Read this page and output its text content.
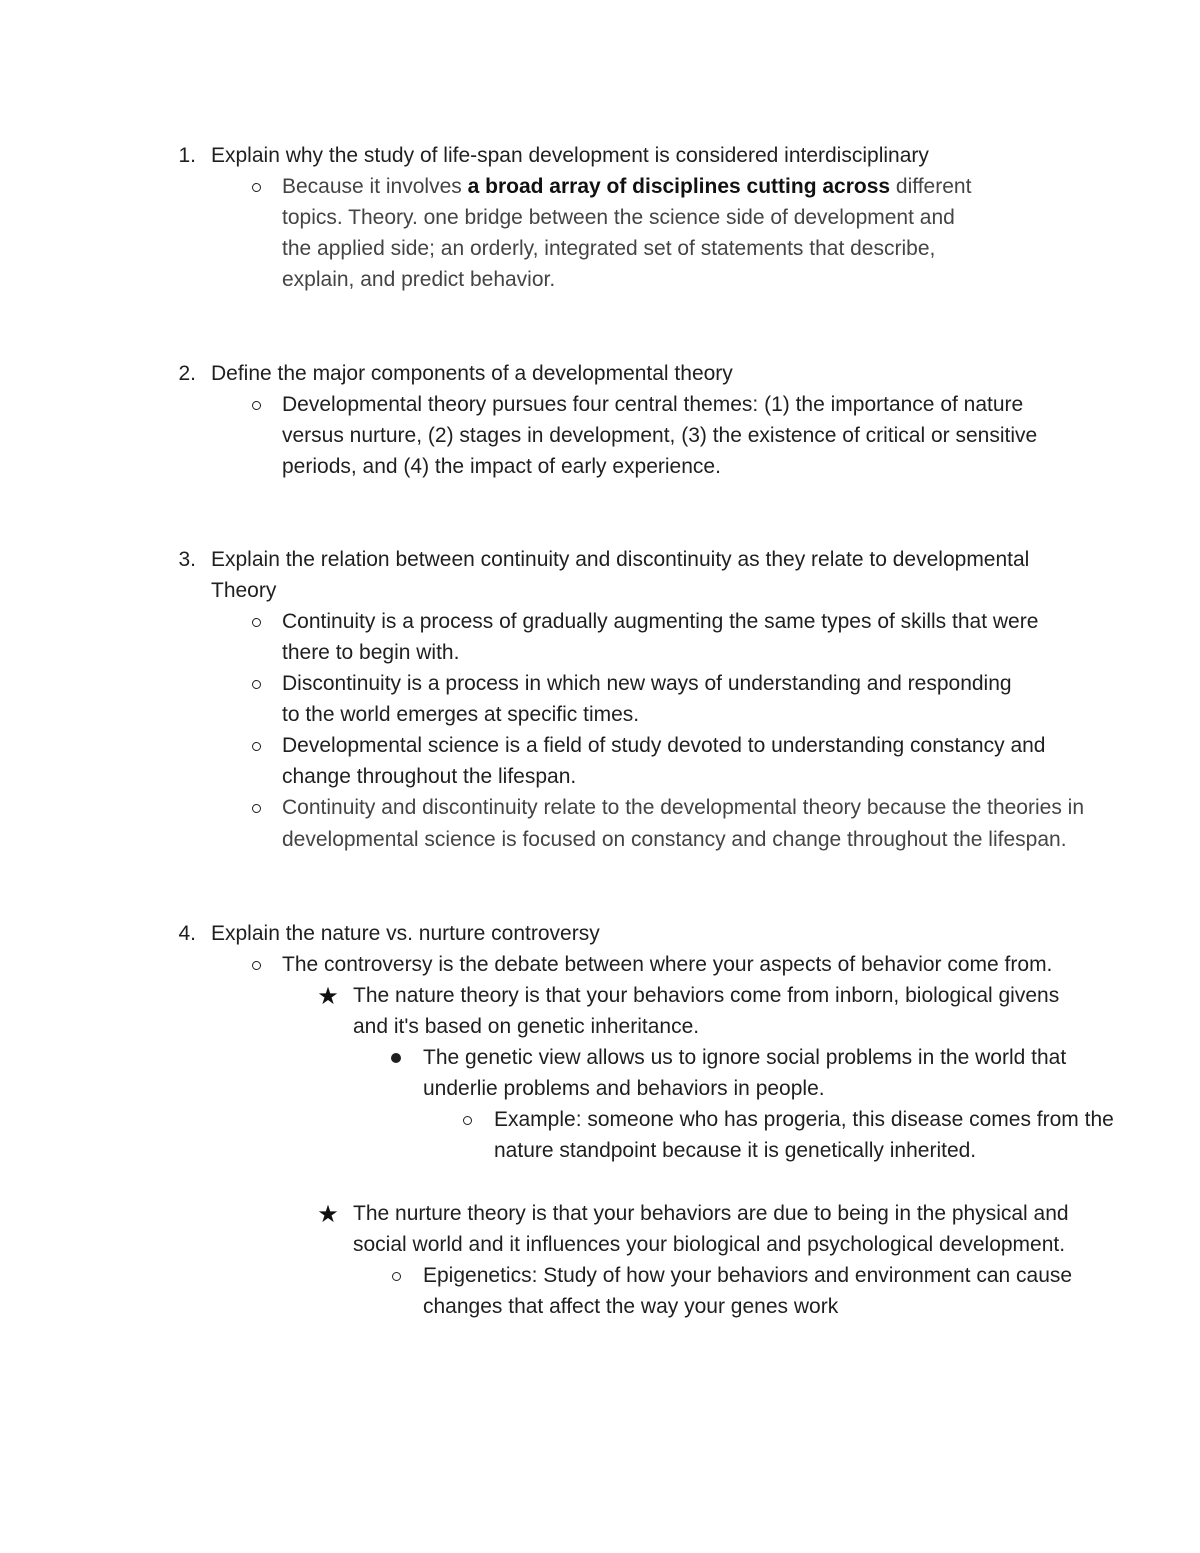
1. Explain why the study of life-span development is considered interdisciplinary
Because it involves a broad array of disciplines cutting across different
topics. Theory. one bridge between the science side of development and
the applied side; an orderly, integrated set of statements that describe,
explain, and predict behavior.
2. Define the major components of a developmental theory
Developmental theory pursues four central themes: (1) the importance of nature
versus nurture, (2) stages in development, (3) the existence of critical or sensitive
periods, and (4) the impact of early experience.
3. Explain the relation between continuity and discontinuity as they relate to developmental
Theory
Continuity is a process of gradually augmenting the same types of skills that were
there to begin with.
Discontinuity is a process in which new ways of understanding and responding
to the world emerges at specific times.
Developmental science is a field of study devoted to understanding constancy and
change throughout the lifespan.
Continuity and discontinuity relate to the developmental theory because the theories in
developmental science is focused on constancy and change throughout the lifespan.
4. Explain the nature vs. nurture controversy
The controversy is the debate between where your aspects of behavior come from.
★ The nature theory is that your behaviors come from inborn, biological givens
and it's based on genetic inheritance.
The genetic view allows us to ignore social problems in the world that
underlie problems and behaviors in people.
Example: someone who has progeria, this disease comes from the
nature standpoint because it is genetically inherited.
★ The nurture theory is that your behaviors are due to being in the physical and
social world and it influences your biological and psychological development.
Epigenetics: Study of how your behaviors and environment can cause
changes that affect the way your genes work
